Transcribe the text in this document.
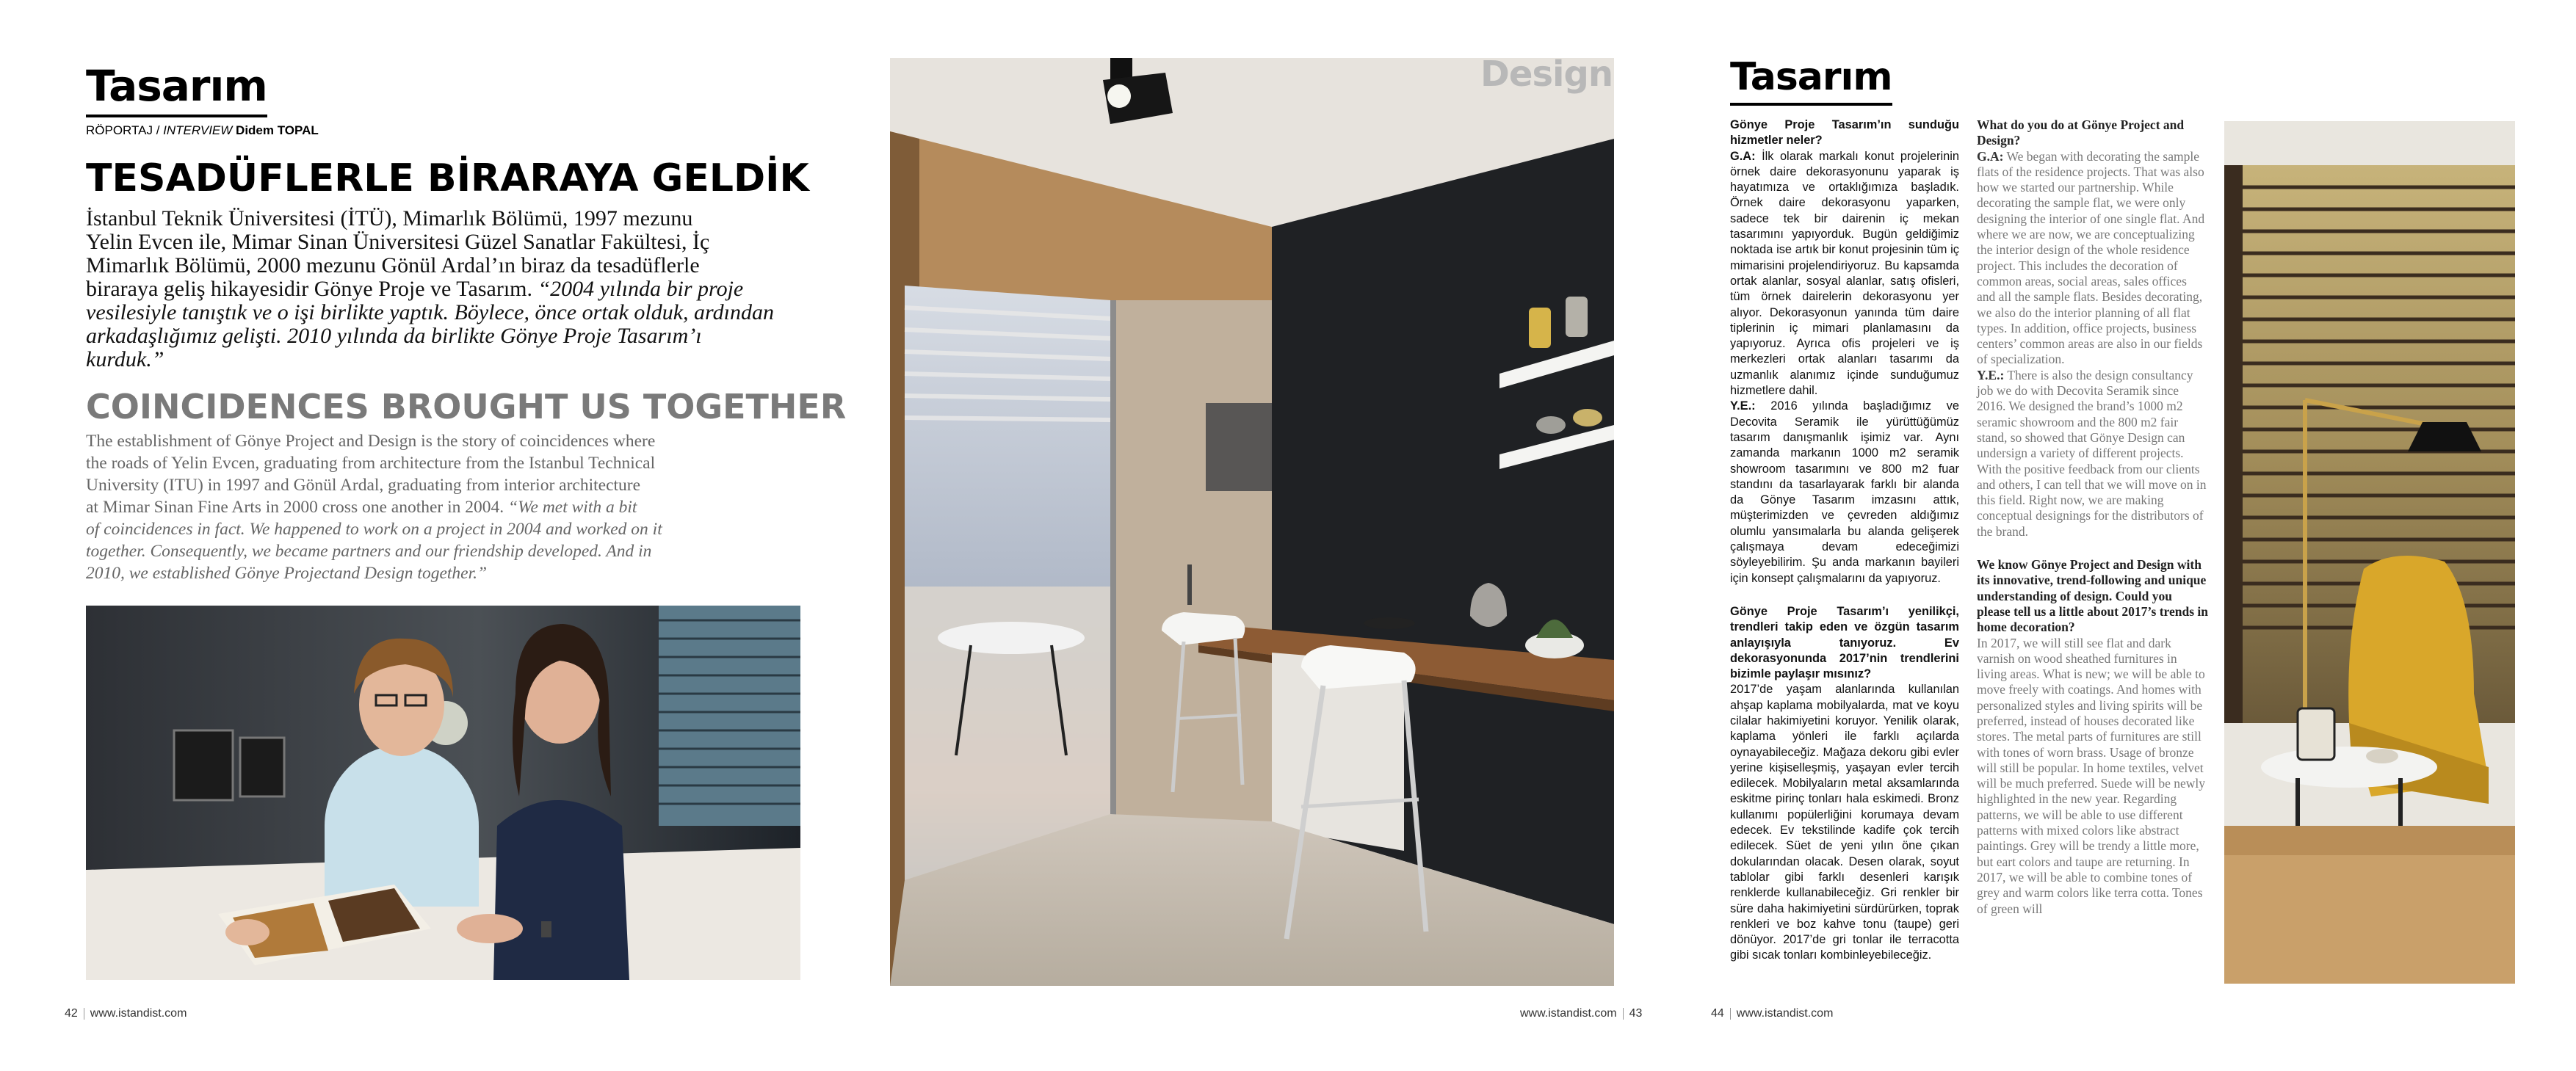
Tasarım
RÖPORTAJ / INTERVIEW Didem TOPAL
TESADÜFLERLE BİRARAYA GELDİK
İstanbul Teknik Üniversitesi (İTÜ), Mimarlık Bölümü, 1997 mezunu
Yelin Evcen ile, Mimar Sinan Üniversitesi Güzel Sanatlar Fakültesi, İç
Mimarlık Bölümü, 2000 mezunu Gönül Ardal’ın biraz da tesadüflerle
biraraya geliş hikayesidir Gönye Proje ve Tasarım. “2004 yılında bir proje
vesilesiyle tanıştık ve o işi birlikte yaptık. Böylece, önce ortak olduk, ardından
arkadaşlığımız gelişti. 2010 yılında da birlikte Gönye Proje Tasarım’ı
kurduk.”
COINCIDENCES BROUGHT US TOGETHER
The establishment of Gönye Project and Design is the story of coincidences where
the roads of Yelin Evcen, graduating from architecture from the Istanbul Technical
University (ITU) in 1997 and Gönül Ardal, graduating from interior architecture
at Mimar Sinan Fine Arts in 2000 cross one another in 2004. “We met with a bit
of coincidences in fact. We happened to work on a project in 2004 and worked on it
together. Consequently, we became partners and our friendship developed. And in
2010, we established Gönye Projectand Design together.”
42 www.istandist.com
Design
www.istandist.com 43
Tasarım

Gönye Proje Tasarım’ın sunduğu hizmetler neler?

G.A: İlk olarak markalı konut projelerinin örnek daire dekorasyonunu yaparak iş hayatımıza ve ortaklığımıza başladık. Örnek daire dekorasyonu yaparken, sadece tek bir dairenin iç mekan tasarımını yapıyorduk. Bugün geldiğimiz noktada ise artık bir konut projesinin tüm iç mimarisini projelendiriyoruz. Bu kapsamda ortak alanlar, sosyal alanlar, satış ofisleri, tüm örnek dairelerin dekorasyonu yer alıyor. Dekorasyonun yanında tüm daire tiplerinin iç mimari planlamasını da yapıyoruz. Ayrıca ofis projeleri ve iş merkezleri ortak alanları tasarımı da uzmanlık alanımız içinde sunduğumuz hizmetlere dahil.

Y.E.: 2016 yılında başladığımız ve Decovita Seramik ile yürüttüğümüz tasarım danışmanlık işimiz var. Aynı zamanda markanın 1000 m2 seramik showroom tasarımını ve 800 m2 fuar standını da tasarlayarak farklı bir alanda da Gönye Tasarım imzasını attık, müşterimizden ve çevreden aldığımız olumlu yansımalarla bu alanda gelişerek çalışmaya devam edeceğimizi söyleyebilirim. Şu anda markanın bayileri için konsept çalışmalarını da yapıyoruz.

Gönye Proje Tasarım’ı yenilikçi, trendleri takip eden ve özgün tasarım anlayışıyla tanıyoruz. Ev dekorasyonunda 2017’nin trendlerini bizimle paylaşır mısınız?

2017’de yaşam alanlarında kullanılan ahşap kaplama mobilyalarda, mat ve koyu cilalar hakimiyetini koruyor. Yenilik olarak, kaplama yönleri ile farklı açılarda oynayabileceğiz. Mağaza dekoru gibi evler yerine kişiselleşmiş, yaşayan evler tercih edilecek. Mobilyaların metal aksamlarında eskitme pirinç tonları hala eskimedi. Bronz kullanımı popülerliğini korumaya devam edecek. Ev tekstilinde kadife çok tercih edilecek. Süet de yeni yılın öne çıkan dokularından olacak. Desen olarak, soyut tablolar gibi farklı desenleri karışık renklerde kullanabileceğiz. Gri renkler bir süre daha hakimiyetini sürdürürken, toprak renkleri ve boz kahve tonu (taupe) geri dönüyor. 2017’de gri tonlar ile terracotta gibi sıcak tonları kombinleyebileceğiz.

What do you do at Gönye Project and Design?

G.A: We began with decorating the sample flats of the residence projects. That was also how we started our partnership. While decorating the sample flat, we were only designing the interior of one single flat. And where we are now, we are conceptualizing the interior design of the whole residence project. This includes the decoration of common areas, social areas, sales offices and all the sample flats. Besides decorating, we also do the interior planning of all flat types. In addition, office projects, business centers’ common areas are also in our fields of specialization.

Y.E.: There is also the design consultancy job we do with Decovita Seramik since 2016. We designed the brand’s 1000 m2 seramic showroom and the 800 m2 fair stand, so showed that Gönye Design can undersign a variety of different projects. With the positive feedback from our clients and others, I can tell that we will move on in this field. Right now, we are making conceptual designings for the distributors of the brand.

We know Gönye Project and Design with its innovative, trend-following and unique understanding of design. Could you please tell us a little about 2017’s trends in home decoration?

In 2017, we will still see flat and dark varnish on wood sheathed furnitures in living areas. What is new; we will be able to move freely with coatings. And homes with personalized styles and living spirits will be preferred, instead of houses decorated like stores. The metal parts of furnitures are still with tones of worn brass. Usage of bronze will still be popular. In home textiles, velvet will be much preferred. Suede will be newly highlighted in the new year. Regarding patterns, we will be able to use different patterns with mixed colors like abstract paintings. Grey will be trendy a little more, but eart colors and taupe are returning. In 2017, we will be able to combine tones of grey and warm colors like terra cotta. Tones of green will

44 www.istandist.com
